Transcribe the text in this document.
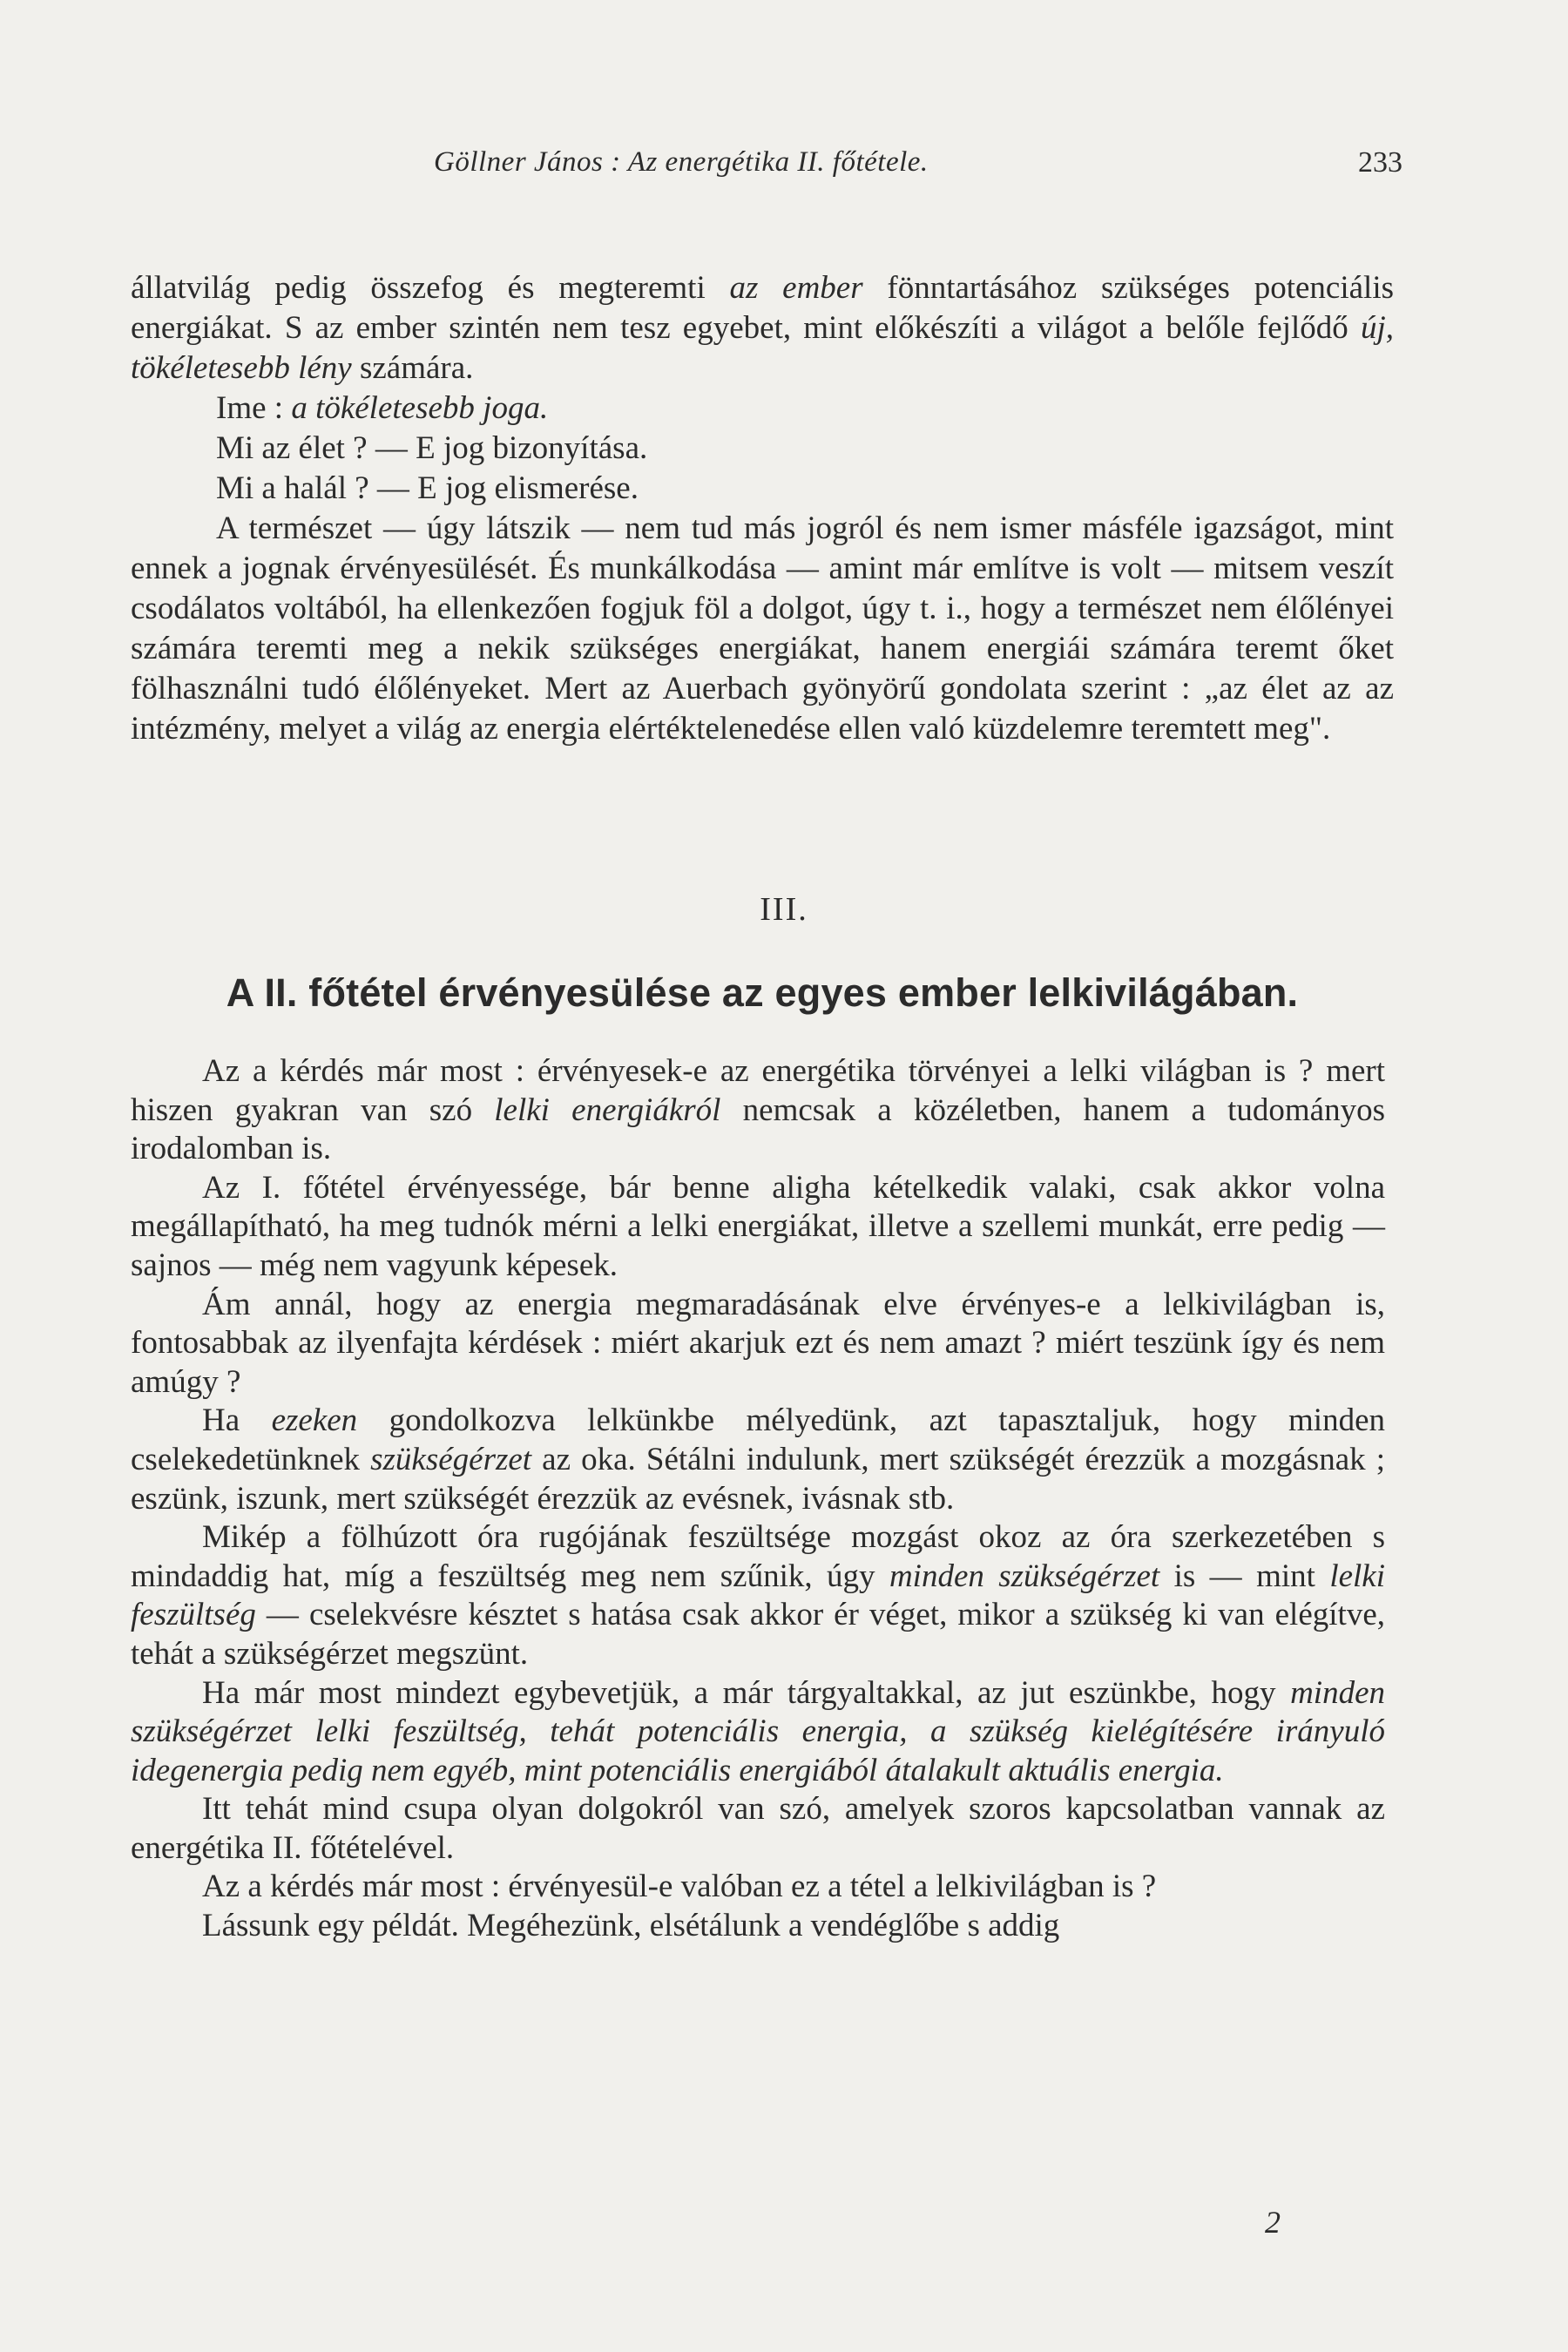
Göllner János : Az energétika II. főtétele.	233

állatvilág pedig összefog és megteremti az ember fönntartásához szükséges potenciális energiákat. S az ember szintén nem tesz egyebet, mint előkészíti a világot a belőle fejlődő új, tökéletesebb lény számára.

Ime : a tökéletesebb joga.

Mi az élet ? — E jog bizonyítása.

Mi a halál ? — E jog elismerése.

A természet — úgy látszik — nem tud más jogról és nem ismer másféle igazságot, mint ennek a jognak érvényesülését. És munkálkodása — amint már említve is volt — mitsem veszít csodálatos voltából, ha ellenkezően fogjuk föl a dolgot, úgy t. i., hogy a természet nem élőlényei számára teremti meg a nekik szükséges energiákat, hanem energiái számára teremt őket fölhasználni tudó élőlényeket. Mert az Auerbach gyönyörű gondolata szerint : „az élet az az intézmény, melyet a világ az energia elértéktelenedése ellen való küzdelemre teremtett meg".

III.
A II. főtétel érvényesülése az egyes ember lelkivilágában.

Az a kérdés már most : érvényesek-e az energétika törvényei a lelki világban is ? mert hiszen gyakran van szó lelki energiákról nemcsak a közéletben, hanem a tudományos irodalomban is.

Az I. főtétel érvényessége, bár benne aligha kételkedik valaki, csak akkor volna megállapítható, ha meg tudnók mérni a lelki energiákat, illetve a szellemi munkát, erre pedig — sajnos — még nem vagyunk képesek.

Ám annál, hogy az energia megmaradásának elve érvényes-e a lelkivilágban is, fontosabbak az ilyenfajta kérdések : miért akarjuk ezt és nem amazt ? miért teszünk így és nem amúgy ?

Ha ezeken gondolkozva lelkünkbe mélyedünk, azt tapasztaljuk, hogy minden cselekedetünknek szükségérzet az oka. Sétálni indulunk, mert szükségét érezzük a mozgásnak ; eszünk, iszunk, mert szükségét érezzük az evésnek, ivásnak stb.

Mikép a fölhúzott óra rugójának feszültsége mozgást okoz az óra szerkezetében s mindaddig hat, míg a feszültség meg nem szűnik, úgy minden szükségérzet is — mint lelki feszültség — cselekvésre késztet s hatása csak akkor ér véget, mikor a szükség ki van elégítve, tehát a szükségérzet megszünt.

Ha már most mindezt egybevetjük, a már tárgyaltakkal, az jut eszünkbe, hogy minden szükségérzet lelki feszültség, tehát potenciális energia, a szükség kielégítésére irányuló idegenergia pedig nem egyéb, mint potenciális energiából átalakult aktuális energia.

Itt tehát mind csupa olyan dolgokról van szó, amelyek szoros kapcsolatban vannak az energétika II. főtételével.

Az a kérdés már most : érvényesül-e valóban ez a tétel a lelkivilágban is ?

Lássunk egy példát. Megéhezünk, elsétálunk a vendéglőbe s addig

2
